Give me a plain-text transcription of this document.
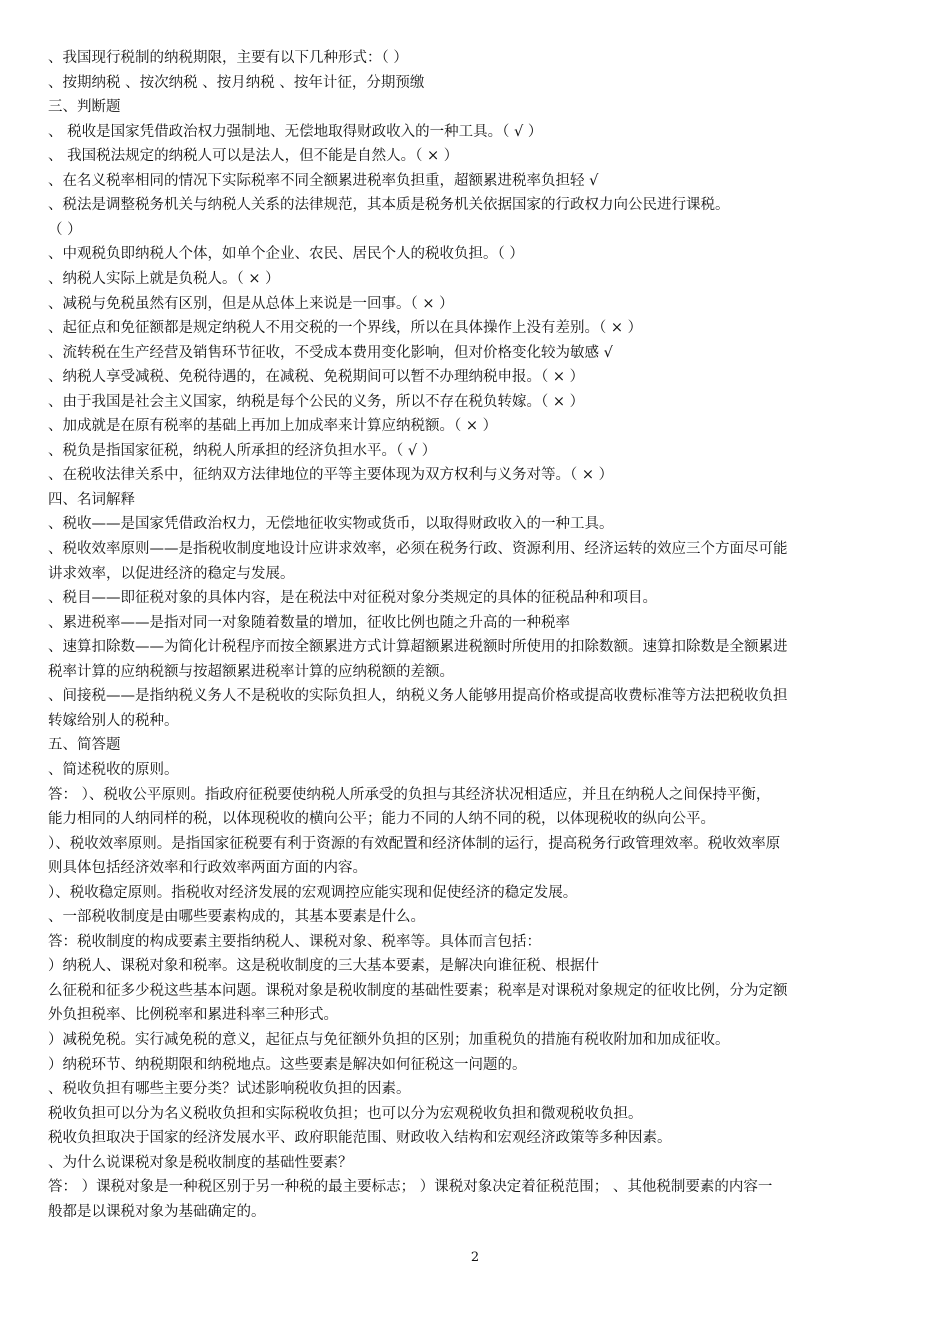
、我国现行税制的纳税期限，主要有以下几种形式：（ ）
、按期纳税 、按次纳税 、按月纳税 、按年计征，分期预缴
三、判断题
、 税收是国家凭借政治权力强制地、无偿地取得财政收入的一种工具。（ √ ）
、 我国税法规定的纳税人可以是法人，但不能是自然人。（ × ）
、在名义税率相同的情况下实际税率不同全额累进税率负担重，超额累进税率负担轻 √
、税法是调整税务机关与纳税人关系的法律规范，其本质是税务机关依据国家的行政权力向公民进行课税。
（ ）
、中观税负即纳税人个体，如单个企业、农民、居民个人的税收负担。（ ）
、纳税人实际上就是负税人。（ × ）
、减税与免税虽然有区别，但是从总体上来说是一回事。（ × ）
、起征点和免征额都是规定纳税人不用交税的一个界线，所以在具体操作上没有差别。（ × ）
、流转税在生产经营及销售环节征收，不受成本费用变化影响，但对价格变化较为敏感 √
、纳税人享受减税、免税待遇的，在减税、免税期间可以暂不办理纳税申报。（ × ）
、由于我国是社会主义国家，纳税是每个公民的义务，所以不存在税负转嫁。（ × ）
、加成就是在原有税率的基础上再加上加成率来计算应纳税额。（ × ）
、税负是指国家征税，纳税人所承担的经济负担水平。（ √ ）
、在税收法律关系中，征纳双方法律地位的平等主要体现为双方权利与义务对等。（ × ）
四、名词解释
、税收——是国家凭借政治权力，无偿地征收实物或货币，以取得财政收入的一种工具。
、税收效率原则——是指税收制度地设计应讲求效率，必须在税务行政、资源利用、经济运转的效应三个方面尽可能
讲求效率，以促进经济的稳定与发展。
、税目——即征税对象的具体内容，是在税法中对征税对象分类规定的具体的征税品种和项目。
、累进税率——是指对同一对象随着数量的增加，征收比例也随之升高的一种税率
、速算扣除数——为简化计税程序而按全额累进方式计算超额累进税额时所使用的扣除数额。速算扣除数是全额累进
税率计算的应纳税额与按超额累进税率计算的应纳税额的差额。
、间接税——是指纳税义务人不是税收的实际负担人，纳税义务人能够用提高价格或提高收费标准等方法把税收负担
转嫁给别人的税种。
五、简答题
、简述税收的原则。
答： ）、税收公平原则。指政府征税要使纳税人所承受的负担与其经济状况相适应，并且在纳税人之间保持平衡，
能力相同的人纳同样的税，以体现税收的横向公平；能力不同的人纳不同的税，以体现税收的纵向公平。
）、税收效率原则。是指国家征税要有利于资源的有效配置和经济体制的运行，提高税务行政管理效率。税收效率原
则具体包括经济效率和行政效率两面方面的内容。
）、税收稳定原则。指税收对经济发展的宏观调控应能实现和促使经济的稳定发展。
、一部税收制度是由哪些要素构成的，其基本要素是什么。
答：税收制度的构成要素主要指纳税人、课税对象、税率等。具体而言包括：
）纳税人、课税对象和税率。这是税收制度的三大基本要素，是解决向谁征税、根据什
么征税和征多少税这些基本问题。课税对象是税收制度的基础性要素；税率是对课税对象规定的征收比例，分为定额
外负担税率、比例税率和累进科率三种形式。
）减税免税。实行减免税的意义，起征点与免征额外负担的区别；加重税负的措施有税收附加和加成征收。
）纳税环节、纳税期限和纳税地点。这些要素是解决如何征税这一问题的。
、税收负担有哪些主要分类？试述影响税收负担的因素。
税收负担可以分为名义税收负担和实际税收负担；也可以分为宏观税收负担和微观税收负担。
税收负担取决于国家的经济发展水平、政府职能范围、财政收入结构和宏观经济政策等多种因素。
、为什么说课税对象是税收制度的基础性要素？
答： ）课税对象是一种税区别于另一种税的最主要标志； ）课税对象决定着征税范围； 、其他税制要素的内容一
般都是以课税对象为基础确定的。
2
